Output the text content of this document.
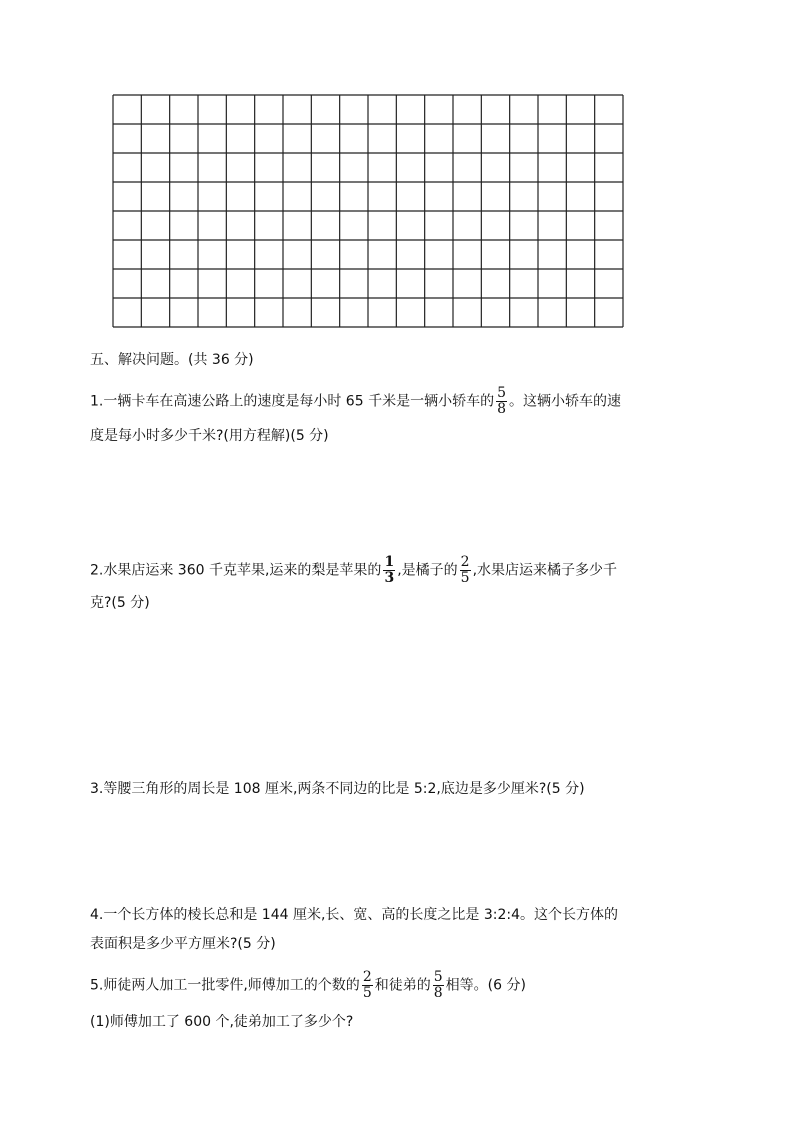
五、解决问题。(共 36 分)
1.一辆卡车在高速公路上的速度是每小时 65 千米是一辆小轿车的 $\frac{5}{8}$ 。这辆小轿车的速
度是每小时多少千米?(用方程解)(5 分)
2.水果店运来 360 千克苹果,运来的梨是苹果的 $\frac{1}{3}$ ,是橘子的 $\frac{2}{5}$ ,水果店运来橘子多少千
克?(5 分)
3.等腰三角形的周长是 108 厘米,两条不同边的比是 5:2,底边是多少厘米?(5 分)
4.一个长方体的棱长总和是 144 厘米,长、宽、高的长度之比是 3:2:4。这个长方体的
表面积是多少平方厘米?(5 分)
5.师徒两人加工一批零件,师傅加工的个数的 $\frac{2}{5}$ 和徒弟的 $\frac{5}{8}$ 相等。(6 分)
(1)师傅加工了 600 个,徒弟加工了多少个?
